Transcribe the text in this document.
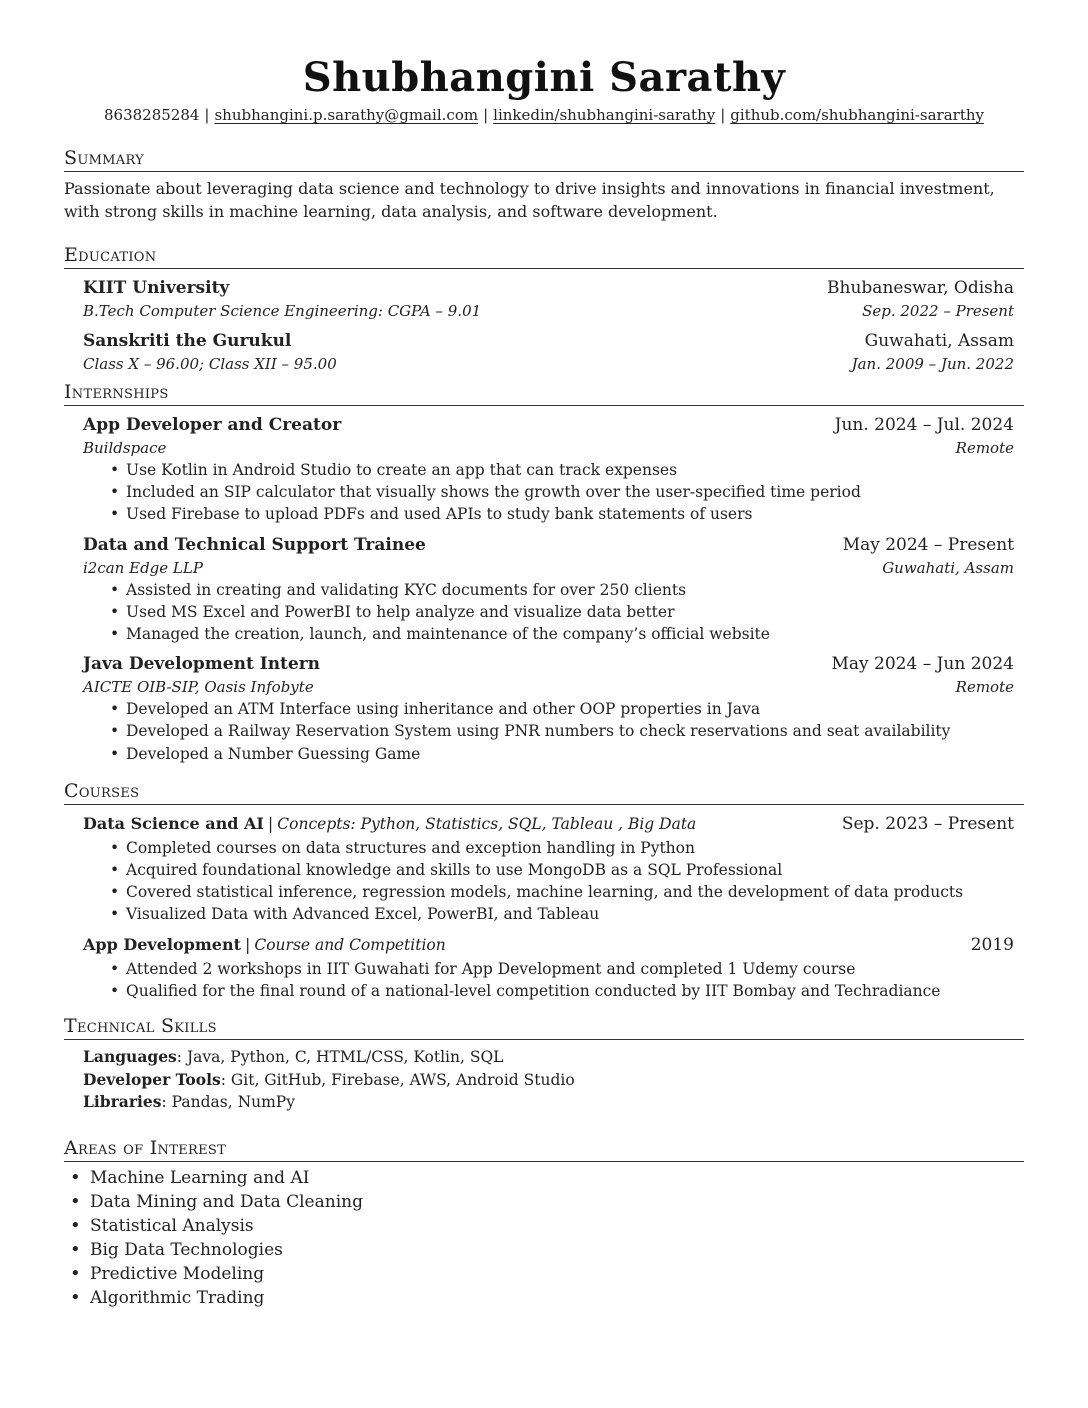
Shubhangini Sarathy
8638285284 | shubhangini.p.sarathy@gmail.com | linkedin/shubhangini-sarathy | github.com/shubhangini-sararthy
Summary
Passionate about leveraging data science and technology to drive insights and innovations in financial investment, with strong skills in machine learning, data analysis, and software development.
Education
KIIT University	Bhubaneswar, Odisha
B.Tech Computer Science Engineering: CGPA – 9.01	Sep. 2022 – Present
Sanskriti the Gurukul	Guwahati, Assam
Class X – 96.00; Class XII – 95.00	Jan. 2009 – Jun. 2022
Internships
App Developer and Creator	Jun. 2024 – Jul. 2024
Buildspace	Remote
• Use Kotlin in Android Studio to create an app that can track expenses
• Included an SIP calculator that visually shows the growth over the user-specified time period
• Used Firebase to upload PDFs and used APIs to study bank statements of users
Data and Technical Support Trainee	May 2024 – Present
i2can Edge LLP	Guwahati, Assam
• Assisted in creating and validating KYC documents for over 250 clients
• Used MS Excel and PowerBI to help analyze and visualize data better
• Managed the creation, launch, and maintenance of the company’s official website
Java Development Intern	May 2024 – Jun 2024
AICTE OIB-SIP, Oasis Infobyte	Remote
• Developed an ATM Interface using inheritance and other OOP properties in Java
• Developed a Railway Reservation System using PNR numbers to check reservations and seat availability
• Developed a Number Guessing Game
Courses
Data Science and AI | Concepts: Python, Statistics, SQL, Tableau , Big Data	Sep. 2023 – Present
• Completed courses on data structures and exception handling in Python
• Acquired foundational knowledge and skills to use MongoDB as a SQL Professional
• Covered statistical inference, regression models, machine learning, and the development of data products
• Visualized Data with Advanced Excel, PowerBI, and Tableau
App Development | Course and Competition	2019
• Attended 2 workshops in IIT Guwahati for App Development and completed 1 Udemy course
• Qualified for the final round of a national-level competition conducted by IIT Bombay and Techradiance
Technical Skills
Languages: Java, Python, C, HTML/CSS, Kotlin, SQL
Developer Tools: Git, GitHub, Firebase, AWS, Android Studio
Libraries: Pandas, NumPy
Areas of Interest
• Machine Learning and AI
• Data Mining and Data Cleaning
• Statistical Analysis
• Big Data Technologies
• Predictive Modeling
• Algorithmic Trading
